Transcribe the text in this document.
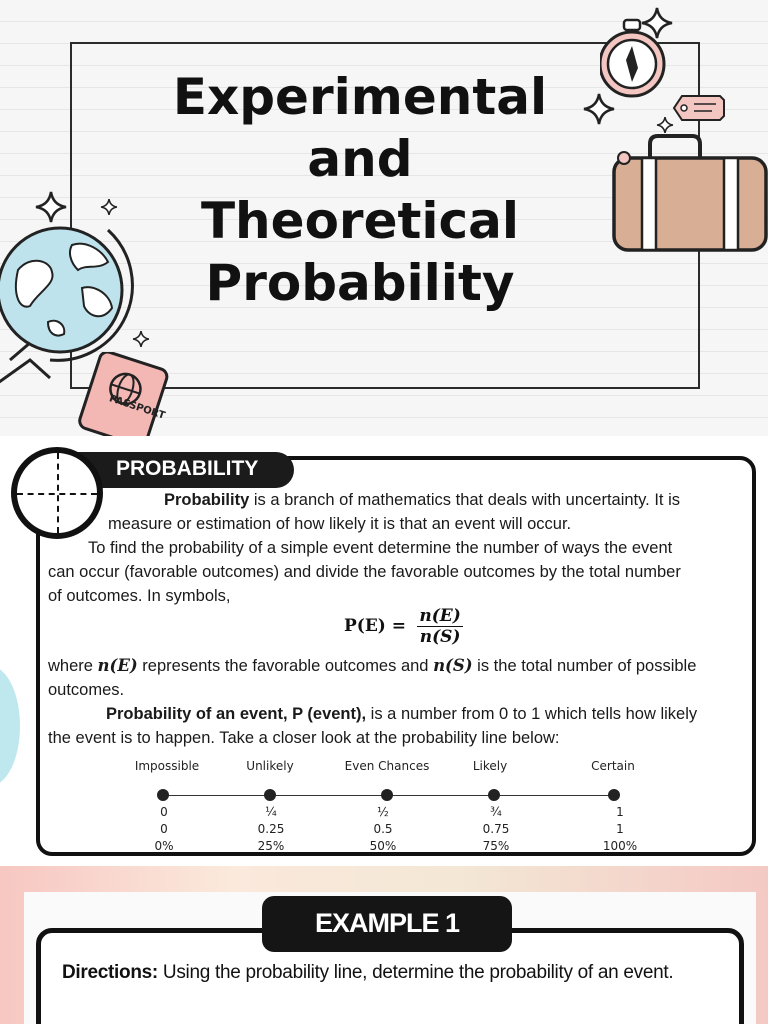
Experimental
and
Theoretical
Probability
PASSPORT
PROBABILITY

Probability is a branch of mathematics that deals with uncertainty. It is

measure or estimation of how likely it is that an event will occur.

To find the probability of a simple event determine the number of ways the event

can occur (favorable outcomes) and divide the favorable outcomes by the total number

of outcomes. In symbols,

$P(E) = \frac{n(E)}{n(S)}$

where n(E) represents the favorable outcomes and n(S) is the total number of possible

outcomes.

Probability of an event, P (event), is a number from 0 to 1 which tells how likely

the event is to happen. Take a closer look at the probability line below:

Impossible	Unlikely	Even Chances	Likely	Certain
0	¼	½	¾	1
0	0.25	0.5	0.75	1
0%	25%	50%	75%	100%
EXAMPLE 1

Directions: Using the probability line, determine the probability of an event.
